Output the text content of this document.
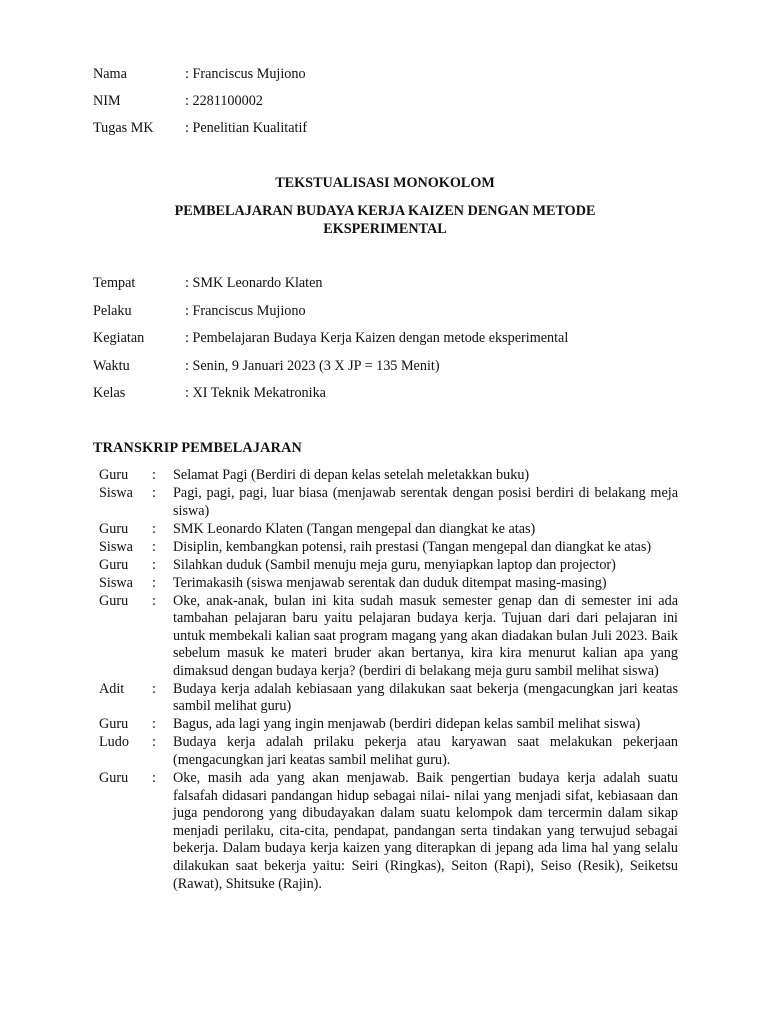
Nama	: Franciscus Mujiono
NIM	: 2281100002
Tugas MK : Penelitian Kualitatif
TEKSTUALISASI MONOKOLOM
PEMBELAJARAN BUDAYA KERJA KAIZEN DENGAN METODE EKSPERIMENTAL
Tempat	: SMK Leonardo Klaten
Pelaku	: Franciscus Mujiono
Kegiatan	: Pembelajaran Budaya Kerja Kaizen dengan metode eksperimental
Waktu	: Senin, 9 Januari 2023 (3 X JP = 135 Menit)
Kelas	: XI Teknik Mekatronika
TRANSKRIP PEMBELAJARAN
Guru : Selamat Pagi (Berdiri di depan kelas setelah meletakkan buku)
Siswa : Pagi, pagi, pagi, luar biasa (menjawab serentak dengan posisi berdiri di belakang meja siswa)
Guru : SMK Leonardo Klaten (Tangan mengepal dan diangkat ke atas)
Siswa : Disiplin, kembangkan potensi, raih prestasi (Tangan mengepal dan diangkat ke atas)
Guru : Silahkan duduk (Sambil menuju meja guru, menyiapkan laptop dan projector)
Siswa : Terimakasih (siswa menjawab serentak dan duduk ditempat masing-masing)
Guru : Oke, anak-anak, bulan ini kita sudah masuk semester genap dan di semester ini ada tambahan pelajaran baru yaitu pelajaran budaya kerja. Tujuan dari dari pelajaran ini untuk membekali kalian saat program magang yang akan diadakan bulan Juli 2023. Baik sebelum masuk ke materi bruder akan bertanya, kira kira menurut kalian apa yang dimaksud dengan budaya kerja? (berdiri di belakang meja guru sambil melihat siswa)
Adit : Budaya kerja adalah kebiasaan yang dilakukan saat bekerja (mengacungkan jari keatas sambil melihat guru)
Guru : Bagus, ada lagi yang ingin menjawab (berdiri didepan kelas sambil melihat siswa)
Ludo : Budaya kerja adalah prilaku pekerja atau karyawan saat melakukan pekerjaan (mengacungkan jari keatas sambil melihat guru).
Guru : Oke, masih ada yang akan menjawab. Baik pengertian budaya kerja adalah suatu falsafah didasari pandangan hidup sebagai nilai- nilai yang menjadi sifat, kebiasaan dan juga pendorong yang dibudayakan dalam suatu kelompok dam tercermin dalam sikap menjadi perilaku, cita-cita, pendapat, pandangan serta tindakan yang terwujud sebagai bekerja. Dalam budaya kerja kaizen yang diterapkan di jepang ada lima hal yang selalu dilakukan saat bekerja yaitu: Seiri (Ringkas), Seiton (Rapi), Seiso (Resik), Seiketsu (Rawat), Shitsuke (Rajin).
